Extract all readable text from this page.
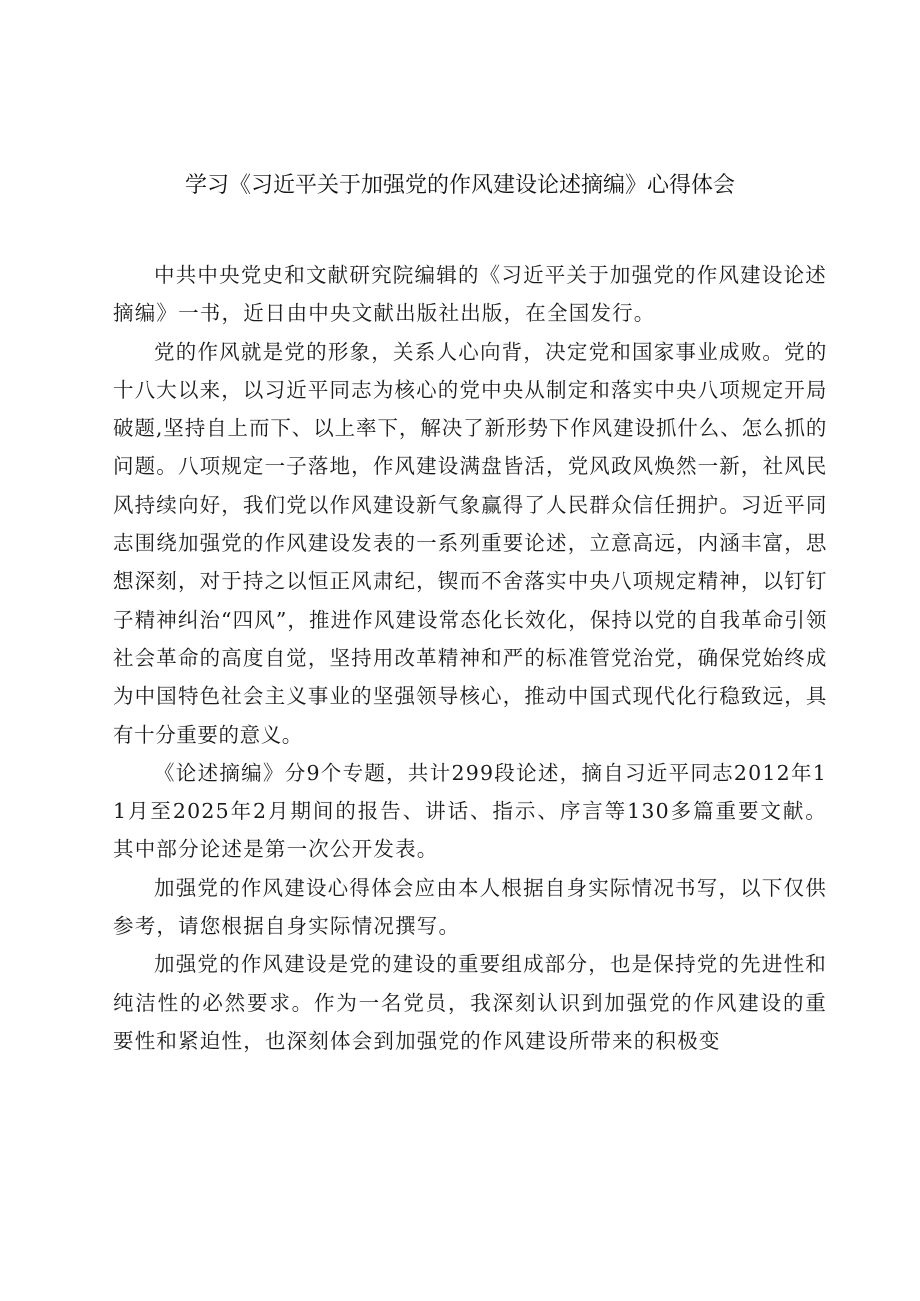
学习《习近平关于加强党的作风建设论述摘编》心得体会

中共中央党史和文献研究院编辑的《习近平关于加强党的作风建设论述摘编》一书，近日由中央文献出版社出版，在全国发行。

党的作风就是党的形象，关系人心向背，决定党和国家事业成败。党的十八大以来，以习近平同志为核心的党中央从制定和落实中央八项规定开局破题,坚持自上而下、以上率下，解决了新形势下作风建设抓什么、怎么抓的问题。八项规定一子落地，作风建设满盘皆活，党风政风焕然一新，社风民风持续向好，我们党以作风建设新气象赢得了人民群众信任拥护。习近平同志围绕加强党的作风建设发表的一系列重要论述，立意高远，内涵丰富，思想深刻，对于持之以恒正风肃纪，锲而不舍落实中央八项规定精神，以钉钉子精神纠治“四风”，推进作风建设常态化长效化，保持以党的自我革命引领社会革命的高度自觉，坚持用改革精神和严的标准管党治党，确保党始终成为中国特色社会主义事业的坚强领导核心，推动中国式现代化行稳致远，具有十分重要的意义。

《论述摘编》分9个专题，共计299段论述，摘自习近平同志2012年11月至2025年2月期间的报告、讲话、指示、序言等130多篇重要文献。其中部分论述是第一次公开发表。

加强党的作风建设心得体会应由本人根据自身实际情况书写，以下仅供参考，请您根据自身实际情况撰写。

加强党的作风建设是党的建设的重要组成部分，也是保持党的先进性和纯洁性的必然要求。作为一名党员，我深刻认识到加强党的作风建设的重要性和紧迫性，也深刻体会到加强党的作风建设所带来的积极变
